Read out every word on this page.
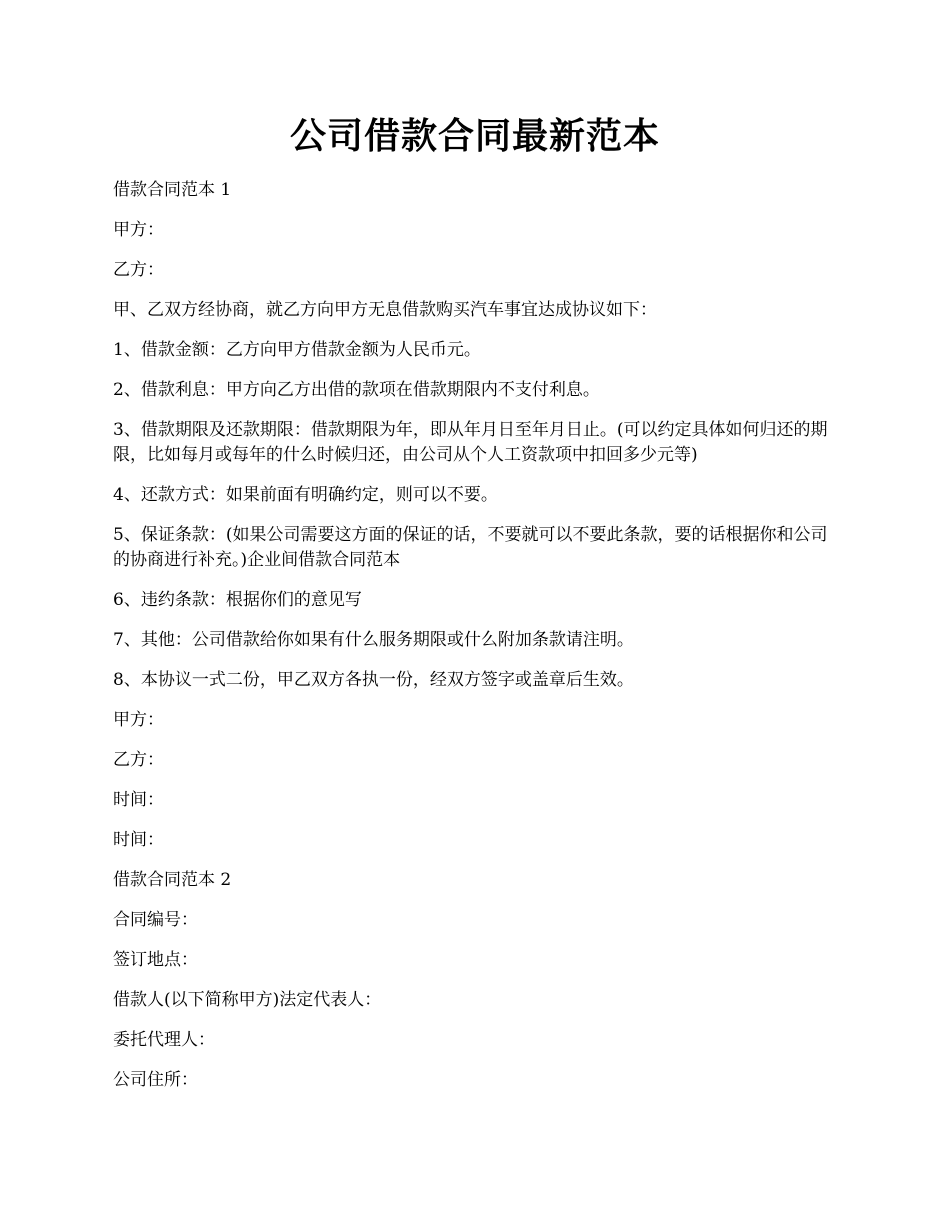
公司借款合同最新范本

借款合同范本 1

甲方：

乙方：

甲、乙双方经协商，就乙方向甲方无息借款购买汽车事宜达成协议如下：

1、借款金额：乙方向甲方借款金额为人民币元。

2、借款利息：甲方向乙方出借的款项在借款期限内不支付利息。

3、借款期限及还款期限：借款期限为年，即从年月日至年月日止。(可以约定具体如何归还的期限，比如每月或每年的什么时候归还，由公司从个人工资款项中扣回多少元等)

4、还款方式：如果前面有明确约定，则可以不要。

5、保证条款：(如果公司需要这方面的保证的话，不要就可以不要此条款，要的话根据你和公司的协商进行补充。)企业间借款合同范本

6、违约条款：根据你们的意见写

7、其他：公司借款给你如果有什么服务期限或什么附加条款请注明。

8、本协议一式二份，甲乙双方各执一份，经双方签字或盖章后生效。

甲方：

乙方：

时间：

时间：

借款合同范本 2

合同编号：

签订地点：

借款人(以下简称甲方)法定代表人：

委托代理人：

公司住所：
